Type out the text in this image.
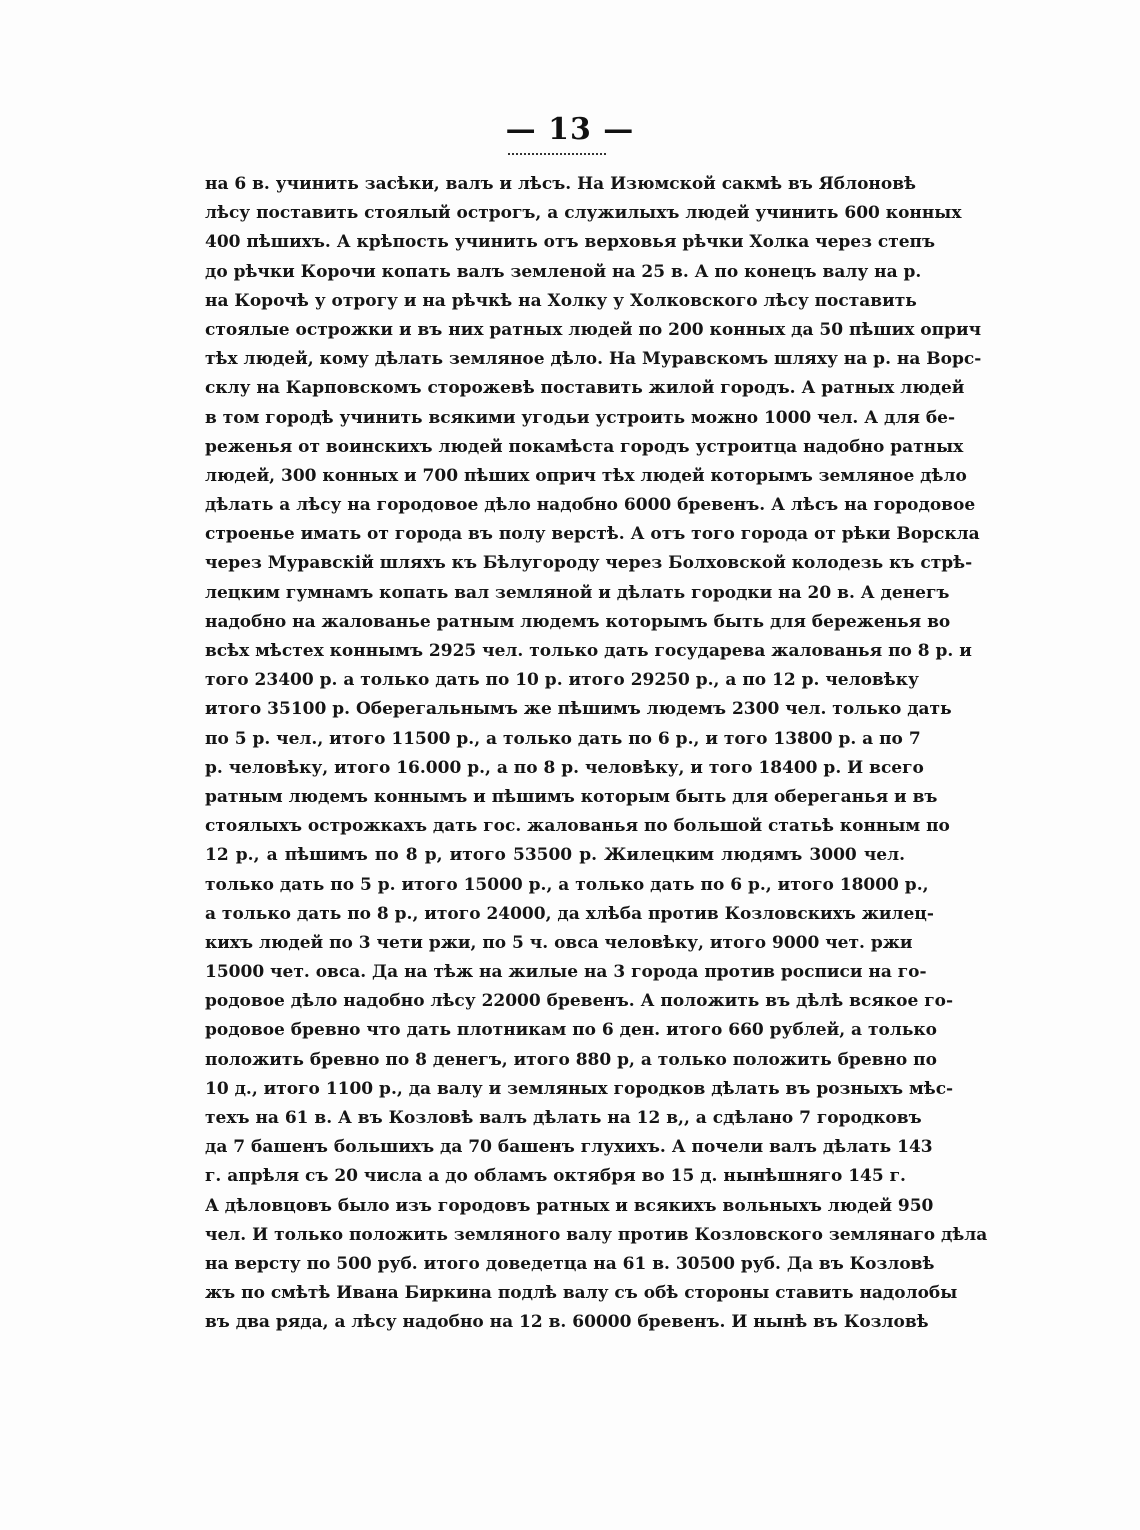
— 13 —
на 6 в. учинить засѣки, валъ и лѣсъ. На Изюмской сакмѣ въ Яблоновѣ
лѣсу поставить стоялый острогъ, а служилыхъ людей учинить 600 конных
400 пѣшихъ. А крѣпость учинить отъ верховья рѣчки Холка через степъ
до рѣчки Корочи копать валъ земленой на 25 в. А по конецъ валу на р.
на Корочѣ у отрогу и на рѣчкѣ на Холку у Холковского лѣсу поставить
стоялые острожки и въ них ратных людей по 200 конных да 50 пѣших оприч
тѣх людей, кому дѣлать земляное дѣло. На Муравскомъ шляху на р. на Ворс-
склу на Карповскомъ сторожевѣ поставить жилой городъ. А ратных людей
в том городѣ учинить всякими угодьи устроить можно 1000 чел. А для бе-
реженья от воинскихъ людей покамѣста городъ устроитца надобно ратных
людей, 300 конных и 700 пѣших оприч тѣх людей которымъ земляное дѣло
дѣлать а лѣсу на городовое дѣло надобно 6000 бревенъ. А лѣсъ на городовое
строенье имать от города въ полу верстѣ. А отъ того города от рѣки Ворскла
через Муравскій шляхъ къ Бѣлугороду через Болховской колодезь къ стрѣ-
лецким гумнамъ копать вал земляной и дѣлать городки на 20 в. А денегъ
надобно на жалованье ратным людемъ которымъ быть для береженья во
всѣх мѣстех коннымъ 2925 чел. только дать государева жалованья по 8 р. и
того 23400 р. а только дать по 10 р. итого 29250 р., а по 12 р. человѣку
итого 35100 р. Оберегальнымъ же пѣшимъ людемъ 2300 чел. только дать
по 5 р. чел., итого 11500 р., а только дать по 6 р., и того 13800 р. а по 7
р. человѣку, итого 16.000 р., а по 8 р. человѣку, и того 18400 р. И всего
ратным людемъ коннымъ и пѣшимъ которым быть для обереганья и въ
стоялыхъ острожкахъ дать гос. жалованья по большой статьѣ конным по
12 р., а пѣшимъ по 8 р, итого 53500 р. Жилецким людямъ 3000 чел.
только дать по 5 р. итого 15000 р., а только дать по 6 р., итого 18000 р.,
а только дать по 8 р., итого 24000, да хлѣба против Козловскихъ жилец-
кихъ людей по 3 чети ржи, по 5 ч. овса человѣку, итого 9000 чет. ржи
15000 чет. овса. Да на тѣж на жилые на 3 города против росписи на го-
родовое дѣло надобно лѣсу 22000 бревенъ. А положить въ дѣлѣ всякое го-
родовое бревно что дать плотникам по 6 ден. итого 660 рублей, а только
положить бревно по 8 денегъ, итого 880 р, а только положить бревно по
10 д., итого 1100 р., да валу и земляных городков дѣлать въ розныхъ мѣс-
техъ на 61 в. А въ Козловѣ валъ дѣлать на 12 в,, а сдѣлано 7 городковъ
да 7 башенъ большихъ да 70 башенъ глухихъ. А почели валъ дѣлать 143
г. апрѣля съ 20 числа а до обламъ октября во 15 д. нынѣшняго 145 г.
А дѣловцовъ было изъ городовъ ратных и всякихъ вольныхъ людей 950
чел. И только положить земляного валу против Козловского землянаго дѣла
на версту по 500 руб. итого доведетца на 61 в. 30500 руб. Да въ Козловѣ
жъ по смѣтѣ Ивана Биркина подлѣ валу съ обѣ стороны ставить надолобы
въ два ряда, а лѣсу надобно на 12 в. 60000 бревенъ. И нынѣ въ Козловѣ
